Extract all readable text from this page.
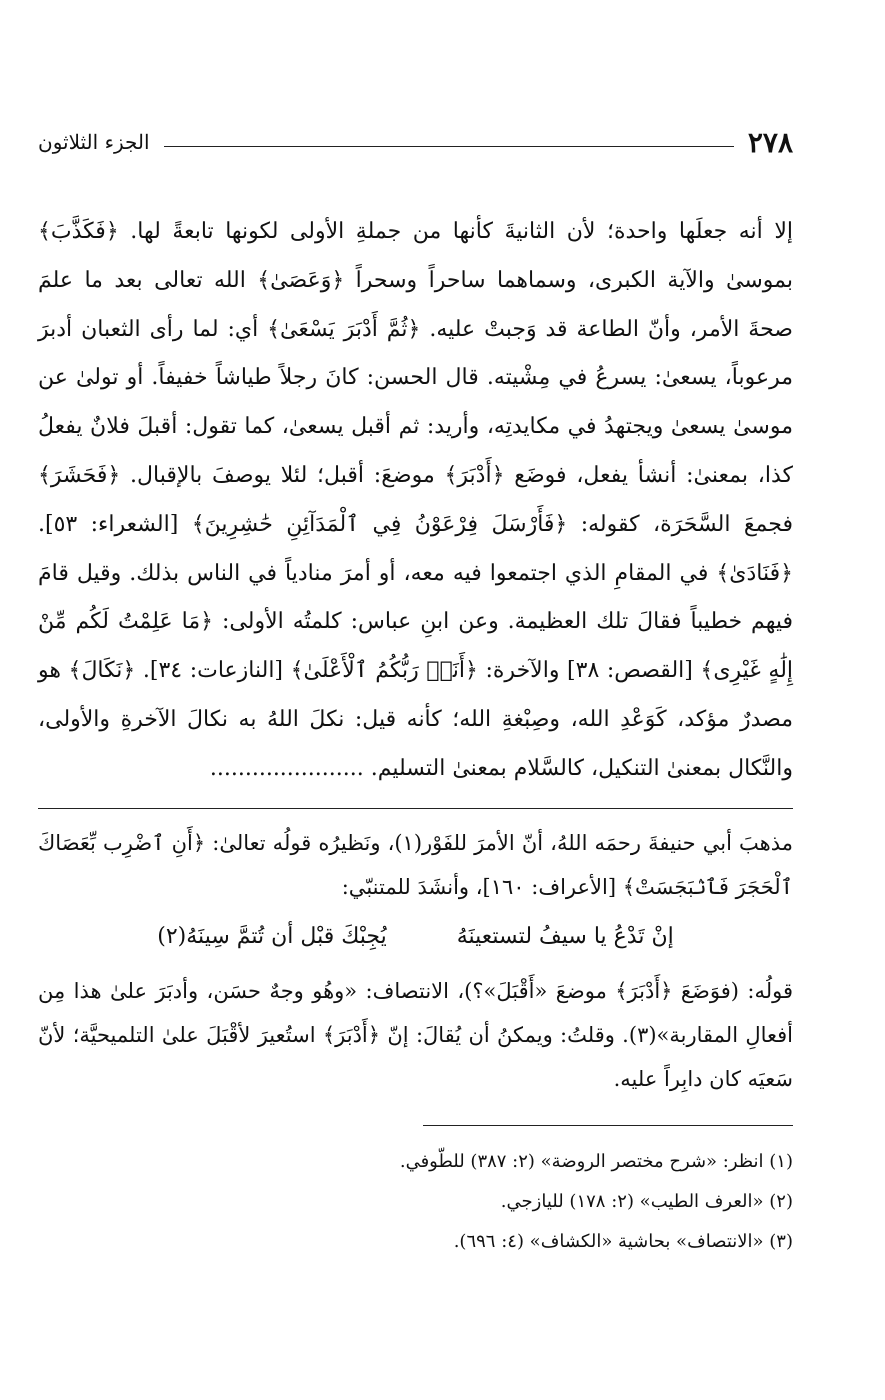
٢٧٨
الجزء الثلاثون

إلا أنه جعلَها واحدة؛ لأن الثانيةَ كأنها من جملةِ الأولى لكونها تابعةً لها. ﴿فَكَذَّبَ﴾ بموسىٰ والآية الكبرى، وسماهما ساحراً وسحراً ﴿وَعَصَىٰ﴾ الله تعالى بعد ما علمَ صحةَ الأمر، وأنّ الطاعة قد وَجبتْ عليه. ﴿ثُمَّ أَدْبَرَ يَسْعَىٰ﴾ أي: لما رأى الثعبان أدبرَ مرعوباً، يسعىٰ: يسرعُ في مِشْيته. قال الحسن: كانَ رجلاً طياشاً خفيفاً. أو تولىٰ عن موسىٰ يسعىٰ ويجتهدُ في مكايدتِه، وأريد: ثم أقبل يسعىٰ، كما تقول: أقبلَ فلانٌ يفعلُ كذا، بمعنىٰ: أنشأ يفعل، فوضَع ﴿أَدْبَرَ﴾ موضعَ: أقبل؛ لئلا يوصفَ بالإقبال. ﴿فَحَشَرَ﴾ فجمعَ السَّحَرَة، كقوله: ﴿فَأَرْسَلَ فِرْعَوْنُ فِي ٱلْمَدَآئِنِ حَٰشِرِينَ﴾ [الشعراء: ٥٣]. ﴿فَنَادَىٰ﴾ في المقامِ الذي اجتمعوا فيه معه، أو أمرَ منادياً في الناس بذلك. وقيل قامَ فيهم خطيباً فقالَ تلك العظيمة. وعن ابنِ عباس: كلمتُه الأولى: ﴿مَا عَلِمْتُ لَكُم مِّنْ إِلَٰهٍ غَيْرِى﴾ [القصص: ٣٨] والآخرة: ﴿أَنَا۠ رَبُّكُمُ ٱلْأَعْلَىٰ﴾ [النازعات: ٣٤]. ﴿نَكَالَ﴾ هو مصدرٌ مؤكد، كَوَعْدِ الله، وصِبْغةِ الله؛ كأنه قيل: نكلَ اللهُ به نكالَ الآخرةِ والأولى، والنَّكال بمعنىٰ التنكيل، كالسَّلام بمعنىٰ التسليم. ......................

مذهبَ أبي حنيفةَ رحمَه اللهُ، أنّ الأمرَ للفَوْر(١)، ونَظيرُه قولُه تعالىٰ: ﴿أَنِ ٱضْرِب بِّعَصَاكَ ٱلْحَجَرَ فَٱنۢبَجَسَتْ﴾ [الأعراف: ١٦٠]، وأنشَدَ للمتنبّي:

إنْ تَدْعُ يا سيفُ لتستعينَهُ
يُجِبْكَ قبْل أن تُتمَّ سِينَهُ(٢)

قولُه: (فوَضَعَ ﴿أَدْبَرَ﴾ موضعَ «أَقْبَلَ»؟)، الانتصاف: «وهُو وجهٌ حسَن، وأدبَرَ علىٰ هذا مِن أفعالِ المقاربة»(٣). وقلتُ: ويمكنُ أن يُقالَ: إنّ ﴿أَدْبَرَ﴾ استُعيرَ لأقْبَلَ علىٰ التلميحيَّة؛ لأنّ سَعيَه كان دابِراً عليه.

(١) انظر: «شرح مختصر الروضة» (٢: ٣٨٧) للطّوفي.
(٢) «العرف الطيب» (٢: ١٧٨) لليازجي.
(٣) «الانتصاف» بحاشية «الكشاف» (٤: ٦٩٦).
